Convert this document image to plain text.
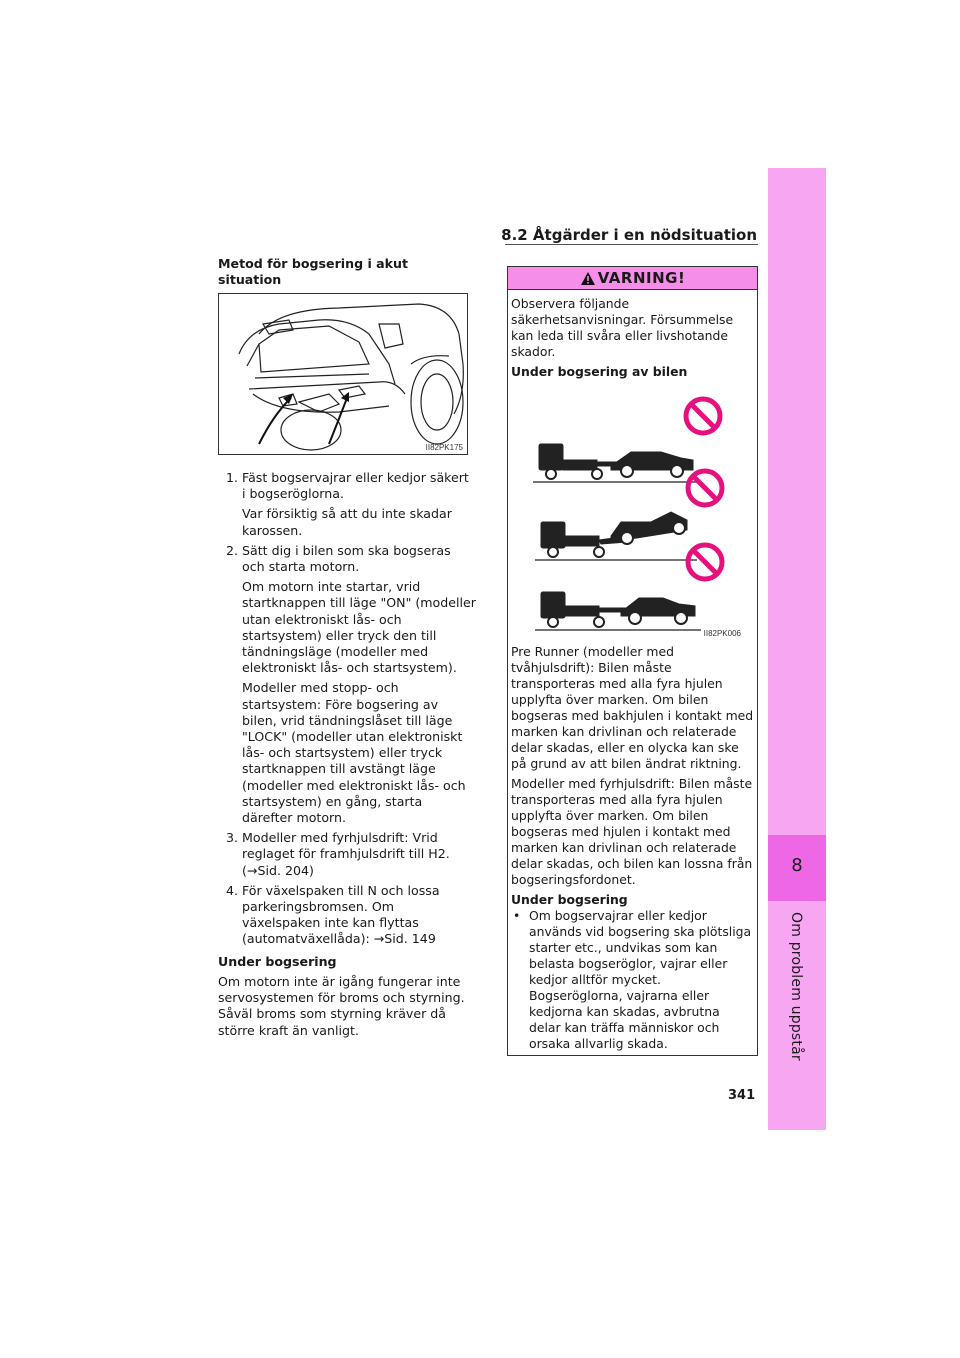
8
Om problem uppstår
8.2 Åtgärder i en nödsituation

Metod för bogsering i akut situation

II82PK175
1. Fäst bogservajrar eller kedjor säkert i bogseröglorna.

Var försiktig så att du inte skadar karossen.

2. Sätt dig i bilen som ska bogseras och starta motorn.

Om motorn inte startar, vrid startknappen till läge "ON" (modeller utan elektroniskt lås- och startsystem) eller tryck den till tändningsläge (modeller med elektroniskt lås- och startsystem).

Modeller med stopp- och startsystem: Före bogsering av bilen, vrid tändningslåset till läge "LOCK" (modeller utan elektroniskt lås- och startsystem) eller tryck startknappen till avstängt läge (modeller med elektroniskt lås- och startsystem) en gång, starta därefter motorn.

3. Modeller med fyrhjulsdrift: Vrid reglaget för framhjulsdrift till H2. (→Sid. 204)

4. För växelspaken till N och lossa parkeringsbromsen. Om växelspaken inte kan flyttas (automatväxellåda): →Sid. 149

Under bogsering

Om motorn inte är igång fungerar inte servosystemen för broms och styrning. Såväl broms som styrning kräver då större kraft än vanligt.

VARNING!

Observera följande säkerhetsanvisningar. Försummelse kan leda till svåra eller livshotande skador.

Under bogsering av bilen

II82PK006

Pre Runner (modeller med tvåhjulsdrift): Bilen måste transporteras med alla fyra hjulen upplyfta över marken. Om bilen bogseras med bakhjulen i kontakt med marken kan drivlinan och relaterade delar skadas, eller en olycka kan ske på grund av att bilen ändrat riktning.

Modeller med fyrhjulsdrift: Bilen måste transporteras med alla fyra hjulen upplyfta över marken. Om bilen bogseras med hjulen i kontakt med marken kan drivlinan och relaterade delar skadas, och bilen kan lossna från bogseringsfordonet.

Under bogsering

• Om bogservajrar eller kedjor används vid bogsering ska plötsliga starter etc., undvikas som kan belasta bogseröglor, vajrar eller kedjor alltför mycket. Bogseröglorna, vajrarna eller kedjorna kan skadas, avbrutna delar kan träffa människor och orsaka allvarlig skada.
341
